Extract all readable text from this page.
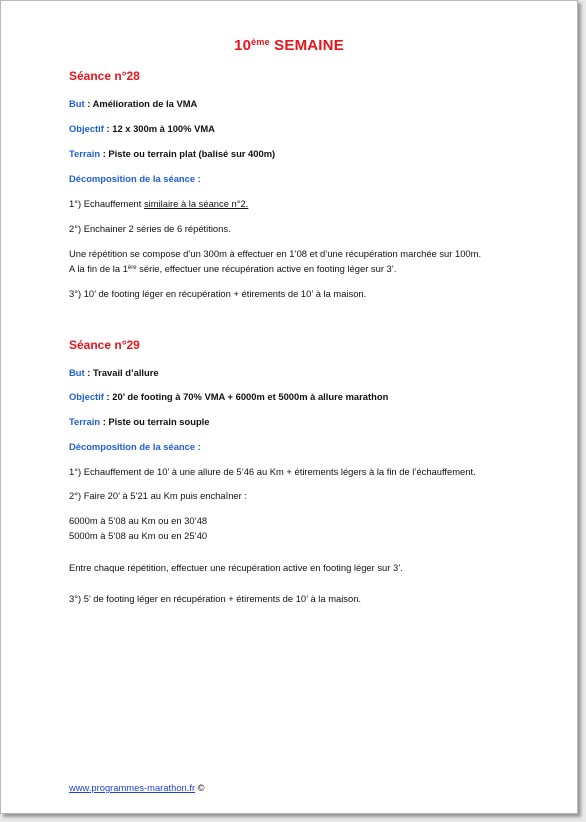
10ème SEMAINE
Séance n°28
But : Amélioration de la VMA
Objectif : 12 x 300m à 100% VMA
Terrain : Piste ou terrain plat (balisé sur 400m)
Décomposition de la séance :
1°) Echauffement similaire à la séance n°2.
2°) Enchainer 2 séries de 6 répétitions.
Une répétition se compose d’un 300m à effectuer en 1’08 et d’une récupération marchée sur 100m.
A la fin de la 1ère série, effectuer une récupération active en footing léger sur 3’.
3°) 10’ de footing léger en récupération + étirements de 10’ à la maison.
Séance n°29
But : Travail d’allure
Objectif : 20’ de footing à 70% VMA + 6000m et 5000m à allure marathon
Terrain : Piste ou terrain souple
Décomposition de la séance :
1°) Echauffement de 10’ à une allure de 5’46 au Km + étirements légers à la fin de l’échauffement.
2°) Faire 20’ à 5’21 au Km puis enchaîner :
6000m à 5’08 au Km ou en 30’48
5000m à 5’08 au Km ou en 25’40
Entre chaque répétition, effectuer une récupération active en footing léger sur 3’.
3°) 5’ de footing léger en récupération + étirements de 10’ à la maison.
www.programmes-marathon.fr ©
